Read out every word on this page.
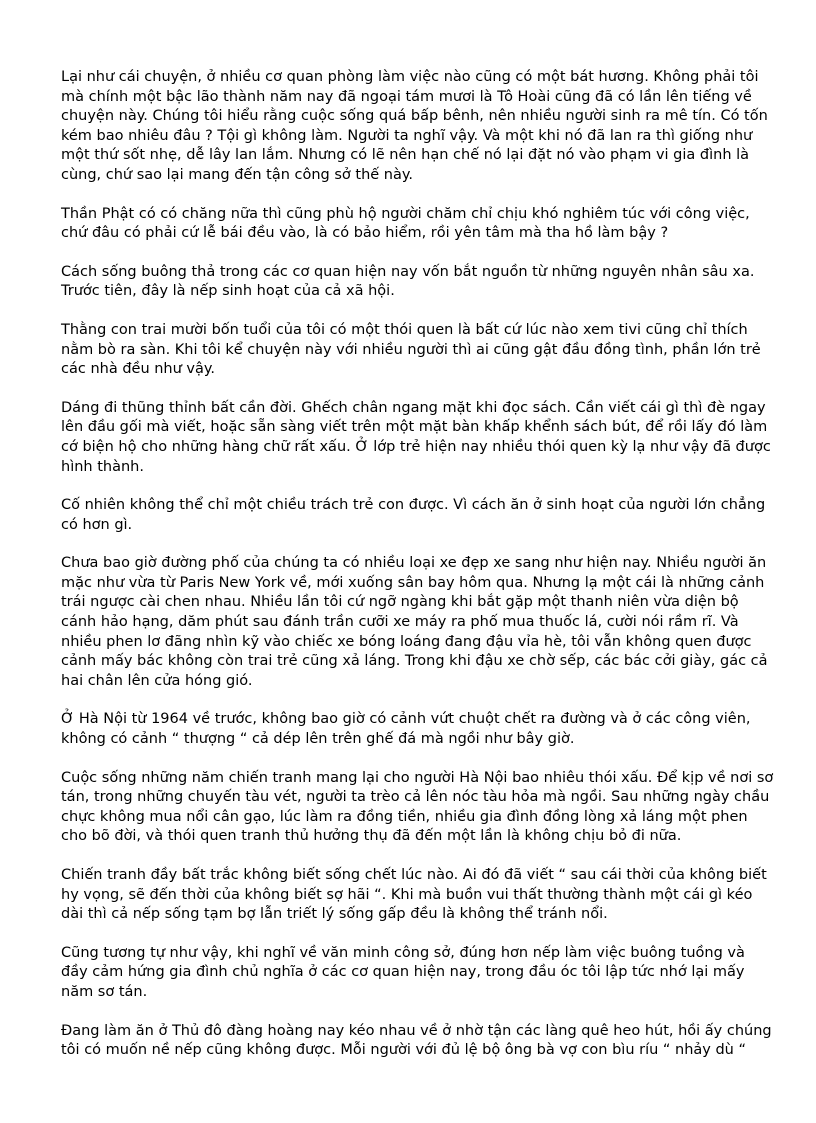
Lại như cái chuyện, ở nhiều cơ quan phòng làm việc nào cũng có một bát hương. Không phải tôi mà chính một bậc lão thành năm nay đã ngoại tám mươi là Tô Hoài cũng đã có lần lên tiếng về chuyện này. Chúng tôi hiểu rằng cuộc sống quá bấp bênh, nên nhiều người sinh ra mê tín. Có tốn kém bao nhiêu đâu ? Tội gì không làm. Người ta nghĩ vậy. Và một khi nó đã lan ra thì giống như một thứ sốt nhẹ, dễ lây lan lắm. Nhưng có lẽ nên hạn chế nó lại đặt nó vào phạm vi gia đình là cùng, chứ sao lại mang đến tận công sở thế này.

Thần Phật có có chăng nữa thì cũng phù hộ người chăm chỉ chịu khó nghiêm túc với công việc, chứ đâu có phải cứ lễ bái đều vào, là có bảo hiểm, rồi yên tâm mà tha hồ làm bậy ?

Cách sống buông thả trong các cơ quan hiện nay vốn bắt nguồn từ những nguyên nhân sâu xa. Trước tiên, đây là nếp sinh hoạt của cả xã hội.

Thằng con trai mười bốn tuổi của tôi có một thói quen là bất cứ lúc nào xem tivi cũng chỉ thích nằm bò ra sàn. Khi tôi kể chuyện này với nhiều người thì ai cũng gật đầu đồng tình, phần lớn trẻ các nhà đều như vậy.

Dáng đi thũng thỉnh bất cần đời. Ghếch chân ngang mặt khi đọc sách. Cần viết cái gì thì đè ngay lên đầu gối mà viết, hoặc sẵn sàng viết trên một mặt bàn khấp khểnh sách bút, để rồi lấy đó làm cớ biện hộ cho những hàng chữ rất xấu. Ở lớp trẻ hiện nay nhiều thói quen kỳ lạ như vậy đã được hình thành.

Cố nhiên không thể chỉ một chiều trách trẻ con được. Vì cách ăn ở sinh hoạt của người lớn chẳng có hơn gì.

Chưa bao giờ đường phố của chúng ta có nhiều loại xe đẹp xe sang như hiện nay. Nhiều người ăn mặc như vừa từ Paris New York về, mới xuống sân bay hôm qua. Nhưng lạ một cái là những cảnh trái ngược cài chen nhau. Nhiều lần tôi cứ ngỡ ngàng khi bắt gặp một thanh niên vừa diện bộ cánh hảo hạng, dăm phút sau đánh trần cưỡi xe máy ra phố mua thuốc lá, cười nói rầm rĩ. Và nhiều phen lơ đãng nhìn kỹ vào chiếc xe bóng loáng đang đậu vỉa hè, tôi vẫn không quen được cảnh mấy bác không còn trai trẻ cũng xả láng. Trong khi đậu xe chờ sếp, các bác cởi giày, gác cả hai chân lên cửa hóng gió.

Ở Hà Nội từ 1964 về trước, không bao giờ có cảnh vứt chuột chết ra đường và ở các công viên, không có cảnh “ thượng “ cả dép lên trên ghế đá mà ngồi như bây giờ.

Cuộc sống những năm chiến tranh mang lại cho người Hà Nội bao nhiêu thói xấu. Để kịp về nơi sơ tán, trong những chuyến tàu vét, người ta trèo cả lên nóc tàu hỏa mà ngồi. Sau những ngày chầu chực không mua nổi cân gạo, lúc làm ra đồng tiền, nhiều gia đình đồng lòng xả láng một phen cho bõ đời, và thói quen tranh thủ hưởng thụ đã đến một lần là không chịu bỏ đi nữa.

Chiến tranh đầy bất trắc không biết sống chết lúc nào. Ai đó đã viết “ sau cái thời của không biết hy vọng, sẽ đến thời của không biết sợ hãi “. Khi mà buồn vui thất thường thành một cái gì kéo dài thì cả nếp sống tạm bợ lẫn triết lý sống gấp đều là không thể tránh nổi.

Cũng tương tự như vậy, khi nghĩ về văn minh công sở, đúng hơn nếp làm việc buông tuồng và đầy cảm hứng gia đình chủ nghĩa ở các cơ quan hiện nay, trong đầu óc tôi lập tức nhớ lại mấy năm sơ tán.

Đang làm ăn ở Thủ đô đàng hoàng nay kéo nhau về ở nhờ tận các làng quê heo hút, hồi ấy chúng tôi có muốn nề nếp cũng không được. Mỗi người với đủ lệ bộ ông bà vợ con bìu ríu “ nhảy dù “
